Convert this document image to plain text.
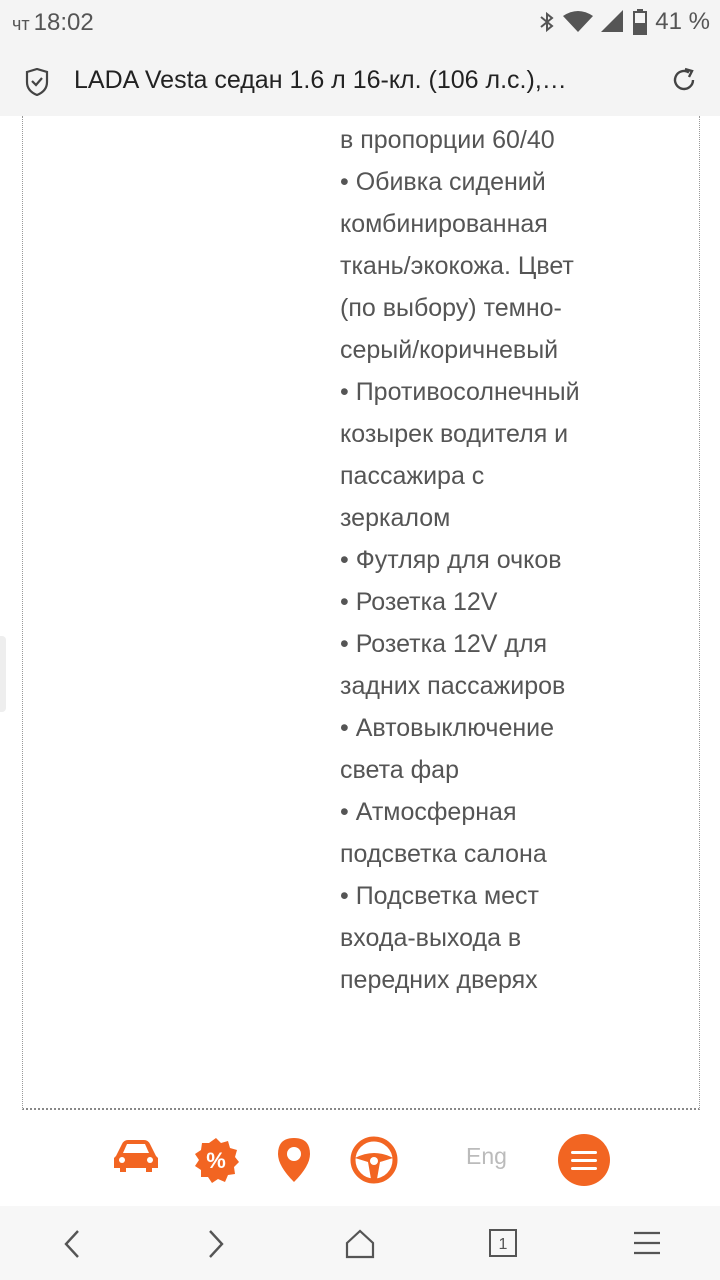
чт 18:02	41 %
LADA Vesta седан 1.6 л 16-кл. (106 л.с.),…
в пропорции 60/40
• Обивка сидений
комбинированная
ткань/экокожа. Цвет
(по выбору) темно-
серый/коричневый
• Противосолнечный
козырек водителя и
пассажира с
зеркалом
• Футляр для очков
• Розетка 12V
• Розетка 12V для
задних пассажиров
• Автовыключение
света фар
• Атмосферная
подсветка салона
• Подсветка мест
входа-выхода в
передних дверях
%	Eng
1
